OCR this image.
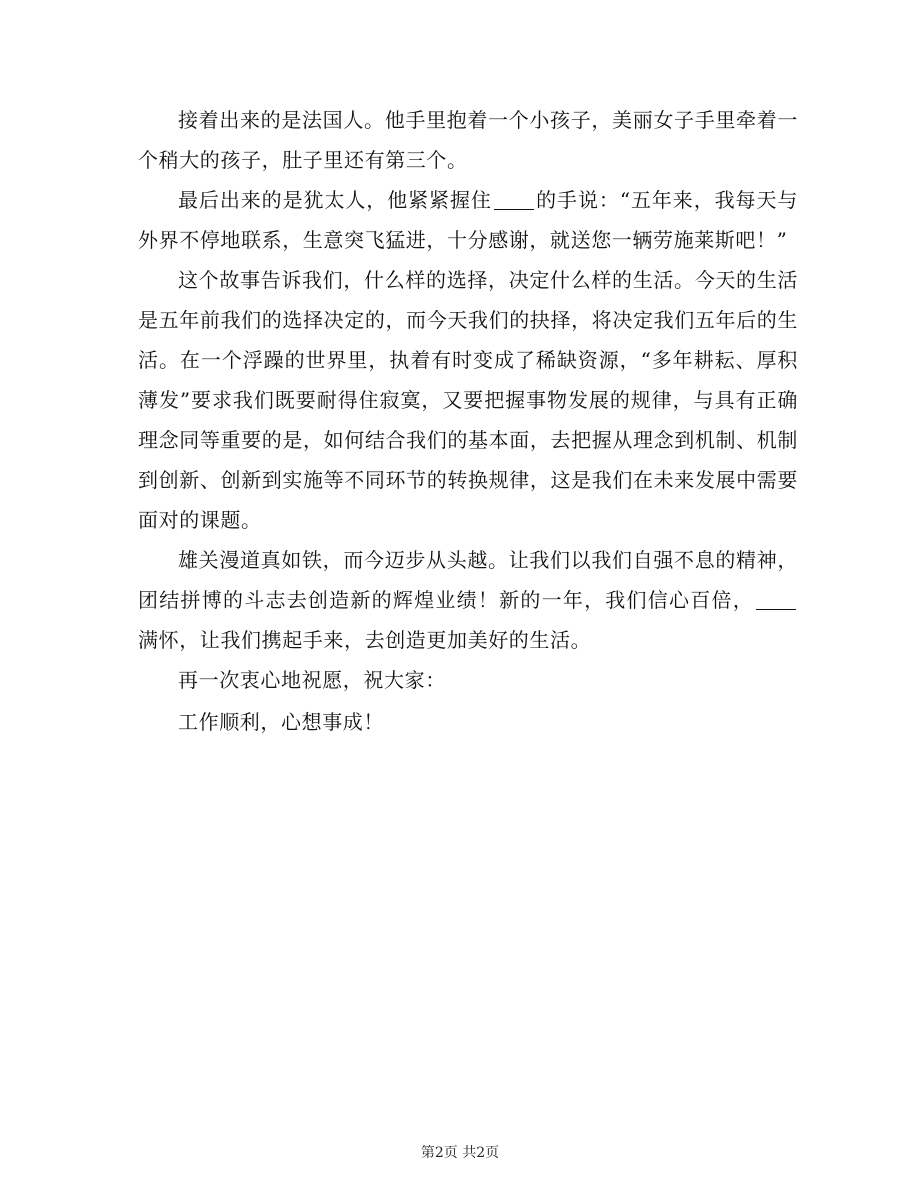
接着出来的是法国人。他手里抱着一个小孩子，美丽女子手里牵着一个稍大的孩子，肚子里还有第三个。

最后出来的是犹太人，他紧紧握住 的手说：“五年来，我每天与外界不停地联系，生意突飞猛进，十分感谢，就送您一辆劳施莱斯吧！”

这个故事告诉我们，什么样的选择，决定什么样的生活。今天的生活是五年前我们的选择决定的，而今天我们的抉择，将决定我们五年后的生活。在一个浮躁的世界里，执着有时变成了稀缺资源，“多年耕耘、厚积薄发”要求我们既要耐得住寂寞，又要把握事物发展的规律，与具有正确理念同等重要的是，如何结合我们的基本面，去把握从理念到机制、机制到创新、创新到实施等不同环节的转换规律，这是我们在未来发展中需要面对的课题。

雄关漫道真如铁，而今迈步从头越。让我们以我们自强不息的精神，团结拼博的斗志去创造新的辉煌业绩！新的一年，我们信心百倍，满怀，让我们携起手来，去创造更加美好的生活。

再一次衷心地祝愿，祝大家：

工作顺利，心想事成！

第2页 共2页
